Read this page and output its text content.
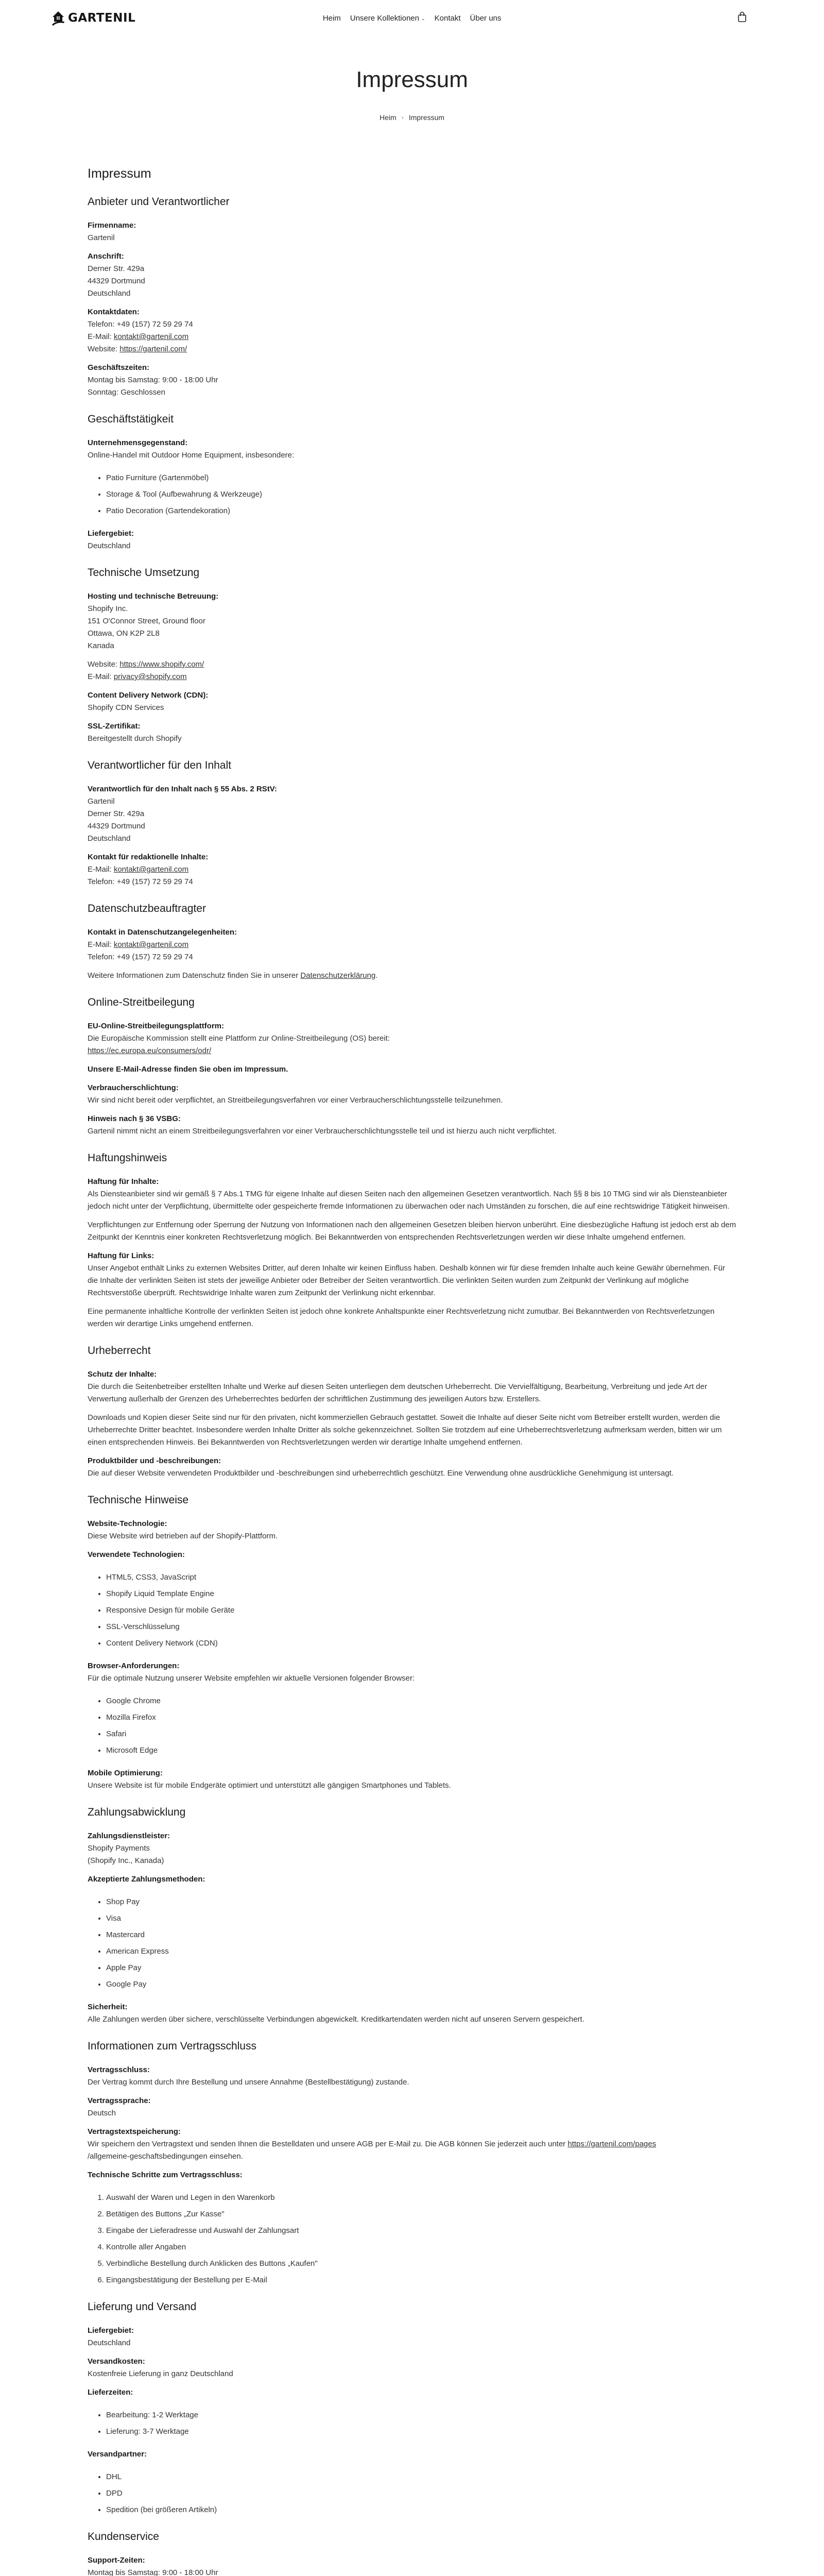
GARTENIL	Heim Unsere Kollektionen ⌄ Kontakt Über uns
Impressum
Heim › Impressum
Impressum
Anbieter und Verantwortlicher

Firmenname:
Gartenil

Anschrift:
Derner Str. 429a
44329 Dortmund
Deutschland

Kontaktdaten:
Telefon: +49 (157) 72 59 29 74
E-Mail: kontakt@gartenil.com
Website: https://gartenil.com/

Geschäftszeiten:
Montag bis Samstag: 9:00 - 18:00 Uhr
Sonntag: Geschlossen

Geschäftstätigkeit

Unternehmensgegenstand:
Online-Handel mit Outdoor Home Equipment, insbesondere:

• Patio Furniture (Gartenmöbel)
• Storage & Tool (Aufbewahrung & Werkzeuge)
• Patio Decoration (Gartendekoration)

Liefergebiet:
Deutschland

Technische Umsetzung

Hosting und technische Betreuung:
Shopify Inc.
151 O'Connor Street, Ground floor
Ottawa, ON K2P 2L8
Kanada

Website: https://www.shopify.com/
E-Mail: privacy@shopify.com

Content Delivery Network (CDN):
Shopify CDN Services

SSL-Zertifikat:
Bereitgestellt durch Shopify

Verantwortlicher für den Inhalt

Verantwortlich für den Inhalt nach § 55 Abs. 2 RStV:
Gartenil
Derner Str. 429a
44329 Dortmund
Deutschland

Kontakt für redaktionelle Inhalte:
E-Mail: kontakt@gartenil.com
Telefon: +49 (157) 72 59 29 74

Datenschutzbeauftragter

Kontakt in Datenschutzangelegenheiten:
E-Mail: kontakt@gartenil.com
Telefon: +49 (157) 72 59 29 74

Weitere Informationen zum Datenschutz finden Sie in unserer Datenschutzerklärung.

Online-Streitbeilegung

EU-Online-Streitbeilegungsplattform:
Die Europäische Kommission stellt eine Plattform zur Online-Streitbeilegung (OS) bereit:
https://ec.europa.eu/consumers/odr/

Unsere E-Mail-Adresse finden Sie oben im Impressum.

Verbraucherschlichtung:
Wir sind nicht bereit oder verpflichtet, an Streitbeilegungsverfahren vor einer Verbraucherschlichtungsstelle teilzunehmen.

Hinweis nach § 36 VSBG:
Gartenil nimmt nicht an einem Streitbeilegungsverfahren vor einer Verbraucherschlichtungsstelle teil und ist hierzu auch nicht verpflichtet.

Haftungshinweis

Haftung für Inhalte:
Als Diensteanbieter sind wir gemäß § 7 Abs.1 TMG für eigene Inhalte auf diesen Seiten nach den allgemeinen Gesetzen verantwortlich. Nach §§ 8 bis 10 TMG sind wir als Diensteanbieter jedoch nicht unter der Verpflichtung, übermittelte oder gespeicherte fremde Informationen zu überwachen oder nach Umständen zu forschen, die auf eine rechtswidrige Tätigkeit hinweisen.

Verpflichtungen zur Entfernung oder Sperrung der Nutzung von Informationen nach den allgemeinen Gesetzen bleiben hiervon unberührt. Eine diesbezügliche Haftung ist jedoch erst ab dem Zeitpunkt der Kenntnis einer konkreten Rechtsverletzung möglich. Bei Bekanntwerden von entsprechenden Rechtsverletzungen werden wir diese Inhalte umgehend entfernen.

Haftung für Links:
Unser Angebot enthält Links zu externen Websites Dritter, auf deren Inhalte wir keinen Einfluss haben. Deshalb können wir für diese fremden Inhalte auch keine Gewähr übernehmen. Für die Inhalte der verlinkten Seiten ist stets der jeweilige Anbieter oder Betreiber der Seiten verantwortlich. Die verlinkten Seiten wurden zum Zeitpunkt der Verlinkung auf mögliche Rechtsverstöße überprüft. Rechtswidrige Inhalte waren zum Zeitpunkt der Verlinkung nicht erkennbar.

Eine permanente inhaltliche Kontrolle der verlinkten Seiten ist jedoch ohne konkrete Anhaltspunkte einer Rechtsverletzung nicht zumutbar. Bei Bekanntwerden von Rechtsverletzungen werden wir derartige Links umgehend entfernen.

Urheberrecht

Schutz der Inhalte:
Die durch die Seitenbetreiber erstellten Inhalte und Werke auf diesen Seiten unterliegen dem deutschen Urheberrecht. Die Vervielfältigung, Bearbeitung, Verbreitung und jede Art der Verwertung außerhalb der Grenzen des Urheberrechtes bedürfen der schriftlichen Zustimmung des jeweiligen Autors bzw. Erstellers.

Downloads und Kopien dieser Seite sind nur für den privaten, nicht kommerziellen Gebrauch gestattet. Soweit die Inhalte auf dieser Seite nicht vom Betreiber erstellt wurden, werden die Urheberrechte Dritter beachtet. Insbesondere werden Inhalte Dritter als solche gekennzeichnet. Sollten Sie trotzdem auf eine Urheberrechtsverletzung aufmerksam werden, bitten wir um einen entsprechenden Hinweis. Bei Bekanntwerden von Rechtsverletzungen werden wir derartige Inhalte umgehend entfernen.

Produktbilder und -beschreibungen:
Die auf dieser Website verwendeten Produktbilder und -beschreibungen sind urheberrechtlich geschützt. Eine Verwendung ohne ausdrückliche Genehmigung ist untersagt.

Technische Hinweise

Website-Technologie:
Diese Website wird betrieben auf der Shopify-Plattform.

Verwendete Technologien:

• HTML5, CSS3, JavaScript
• Shopify Liquid Template Engine
• Responsive Design für mobile Geräte
• SSL-Verschlüsselung
• Content Delivery Network (CDN)

Browser-Anforderungen:
Für die optimale Nutzung unserer Website empfehlen wir aktuelle Versionen folgender Browser:

• Google Chrome
• Mozilla Firefox
• Safari
• Microsoft Edge

Mobile Optimierung:
Unsere Website ist für mobile Endgeräte optimiert und unterstützt alle gängigen Smartphones und Tablets.

Zahlungsabwicklung

Zahlungsdienstleister:
Shopify Payments
(Shopify Inc., Kanada)

Akzeptierte Zahlungsmethoden:

• Shop Pay
• Visa
• Mastercard
• American Express
• Apple Pay
• Google Pay

Sicherheit:
Alle Zahlungen werden über sichere, verschlüsselte Verbindungen abgewickelt. Kreditkartendaten werden nicht auf unseren Servern gespeichert.

Informationen zum Vertragsschluss

Vertragsschluss:
Der Vertrag kommt durch Ihre Bestellung und unsere Annahme (Bestellbestätigung) zustande.

Vertragssprache:
Deutsch

Vertragstextspeicherung:
Wir speichern den Vertragstext und senden Ihnen die Bestelldaten und unsere AGB per E-Mail zu. Die AGB können Sie jederzeit auch unter https://gartenil.com/pages
/allgemeine-geschaftsbedingungen einsehen.

Technische Schritte zum Vertragsschluss:

1. Auswahl der Waren und Legen in den Warenkorb
2. Betätigen des Buttons „Zur Kasse"
3. Eingabe der Lieferadresse und Auswahl der Zahlungsart
4. Kontrolle aller Angaben
5. Verbindliche Bestellung durch Anklicken des Buttons „Kaufen"
6. Eingangsbestätigung der Bestellung per E-Mail
Lieferung und Versand

Liefergebiet:
Deutschland

Versandkosten:
Kostenfreie Lieferung in ganz Deutschland

Lieferzeiten:

• Bearbeitung: 1-2 Werktage
• Lieferung: 3-7 Werktage

Versandpartner:

• DHL
• DPD
• Spedition (bei größeren Artikeln)
Kundenservice

Support-Zeiten:
Montag bis Samstag: 9:00 - 18:00 Uhr
